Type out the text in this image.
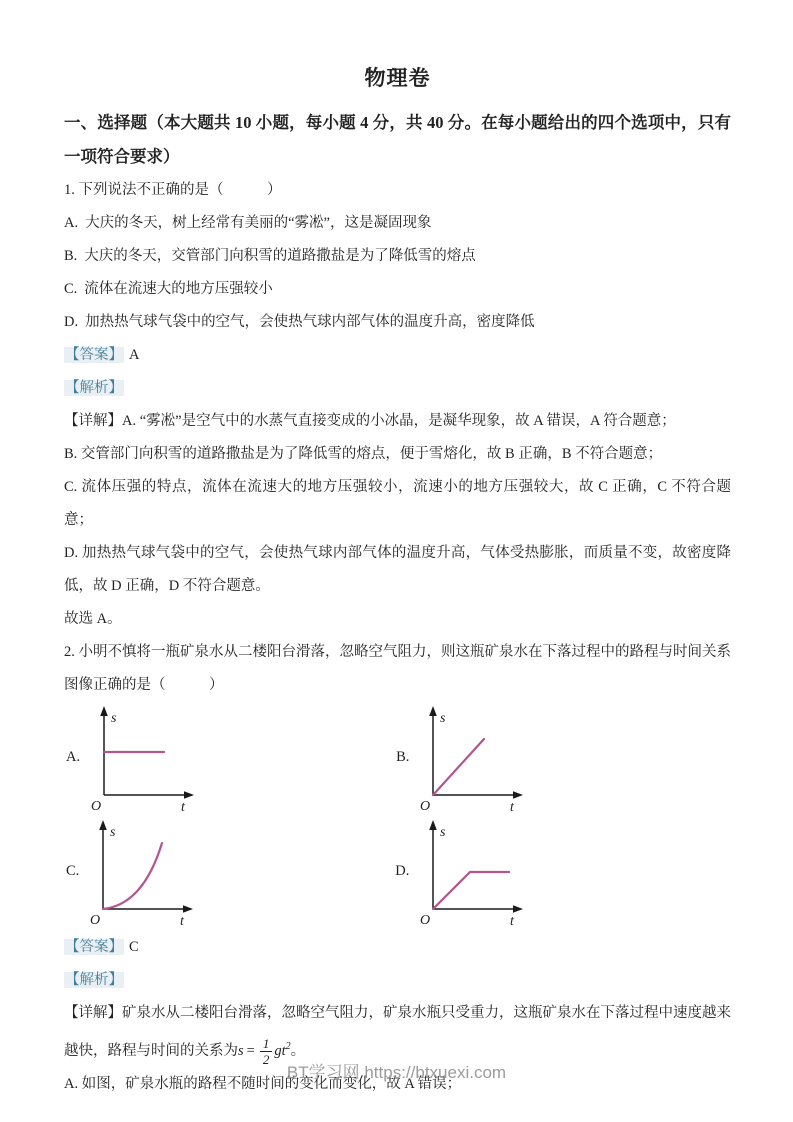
物理卷
一、选择题（本大题共 10 小题，每小题 4 分，共 40 分。在每小题给出的四个选项中，只有一项符合要求）

1. 下列说法不正确的是（　　　）

A. 大庆的冬天，树上经常有美丽的“雾凇”，这是凝固现象

B. 大庆的冬天，交管部门向积雪的道路撒盐是为了降低雪的熔点

C. 流体在流速大的地方压强较小

D. 加热热气球气袋中的空气，会使热气球内部气体的温度升高，密度降低

【答案】 A

【解析】

【详解】A. “雾凇”是空气中的水蒸气直接变成的小冰晶，是凝华现象，故 A 错误，A 符合题意；

B. 交管部门向积雪的道路撒盐是为了降低雪的熔点，便于雪熔化，故 B 正确，B 不符合题意；

C. 流体压强的特点，流体在流速大的地方压强较小，流速小的地方压强较大，故 C 正确，C 不符合题意；

D. 加热热气球气袋中的空气，会使热气球内部气体的温度升高，气体受热膨胀，而质量不变，故密度降低，故 D 正确，D 不符合题意。

故选 A。

2. 小明不慎将一瓶矿泉水从二楼阳台滑落，忽略空气阻力，则这瓶矿泉水在下落过程中的路程与时间关系图像正确的是（　　　）

A.
s
t
O
B.
s
t
O
C.
s
t
O
D.
s
t
O

【答案】 C

【解析】

【详解】矿泉水从二楼阳台滑落，忽略空气阻力，矿泉水瓶只受重力，这瓶矿泉水在下落过程中速度越来越快，路程与时间的关系为$s = \frac{1}{2} gt^2$。

A. 如图，矿泉水瓶的路程不随时间的变化而变化，故 A 错误；

BT学习网 https://btxuexi.com
